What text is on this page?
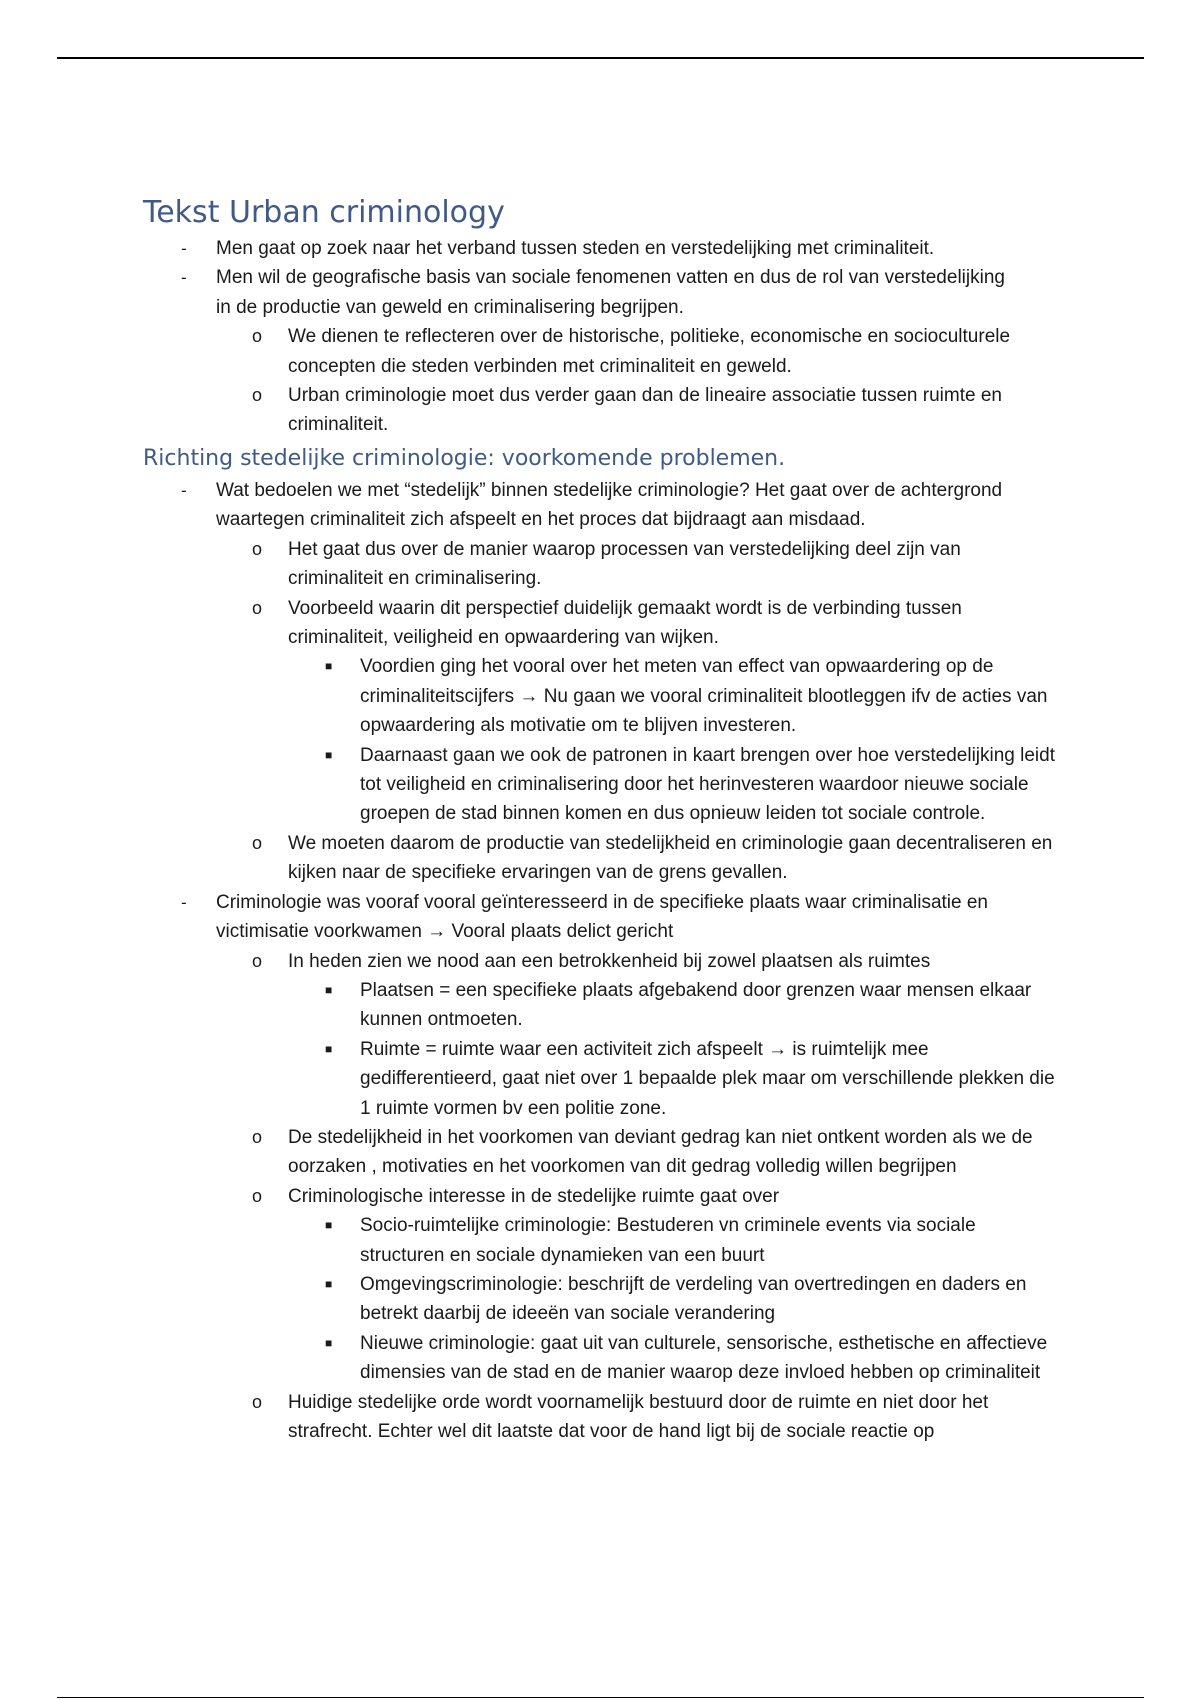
Tekst Urban criminology
- Men gaat op zoek naar het verband tussen steden en verstedelijking met criminaliteit.
- Men wil de geografische basis van sociale fenomenen vatten en dus de rol van verstedelijking in de productie van geweld en criminalisering begrijpen.
o We dienen te reflecteren over de historische, politieke, economische en socioculturele concepten die steden verbinden met criminaliteit en geweld.
o Urban criminologie moet dus verder gaan dan de lineaire associatie tussen ruimte en criminaliteit.
Richting stedelijke criminologie: voorkomende problemen.
- Wat bedoelen we met “stedelijk” binnen stedelijke criminologie? Het gaat over de achtergrond waartegen criminaliteit zich afspeelt en het proces dat bijdraagt aan misdaad.
o Het gaat dus over de manier waarop processen van verstedelijking deel zijn van criminaliteit en criminalisering.
o Voorbeeld waarin dit perspectief duidelijk gemaakt wordt is de verbinding tussen criminaliteit, veiligheid en opwaardering van wijken.
■ Voordien ging het vooral over het meten van effect van opwaardering op de criminaliteitscijfers → Nu gaan we vooral criminaliteit blootleggen ifv de acties van opwaardering als motivatie om te blijven investeren.
■ Daarnaast gaan we ook de patronen in kaart brengen over hoe verstedelijking leidt tot veiligheid en criminalisering door het herinvesteren waardoor nieuwe sociale groepen de stad binnen komen en dus opnieuw leiden tot sociale controle.
o We moeten daarom de productie van stedelijkheid en criminologie gaan decentraliseren en kijken naar de specifieke ervaringen van de grens gevallen.
- Criminologie was vooraf vooral geïnteresseerd in de specifieke plaats waar criminalisatie en victimisatie voorkwamen → Vooral plaats delict gericht
o In heden zien we nood aan een betrokkenheid bij zowel plaatsen als ruimtes
■ Plaatsen = een specifieke plaats afgebakend door grenzen waar mensen elkaar kunnen ontmoeten.
■ Ruimte = ruimte waar een activiteit zich afspeelt → is ruimtelijk mee gedifferentieerd, gaat niet over 1 bepaalde plek maar om verschillende plekken die 1 ruimte vormen bv een politie zone.
o De stedelijkheid in het voorkomen van deviant gedrag kan niet ontkent worden als we de oorzaken , motivaties en het voorkomen van dit gedrag volledig willen begrijpen
o Criminologische interesse in de stedelijke ruimte gaat over
■ Socio-ruimtelijke criminologie: Bestuderen vn criminele events via sociale structuren en sociale dynamieken van een buurt
■ Omgevingscriminologie: beschrijft de verdeling van overtredingen en daders en betrekt daarbij de ideeën van sociale verandering
■ Nieuwe criminologie: gaat uit van culturele, sensorische, esthetische en affectieve dimensies van de stad en de manier waarop deze invloed hebben op criminaliteit
o Huidige stedelijke orde wordt voornamelijk bestuurd door de ruimte en niet door het strafrecht. Echter wel dit laatste dat voor de hand ligt bij de sociale reactie op
